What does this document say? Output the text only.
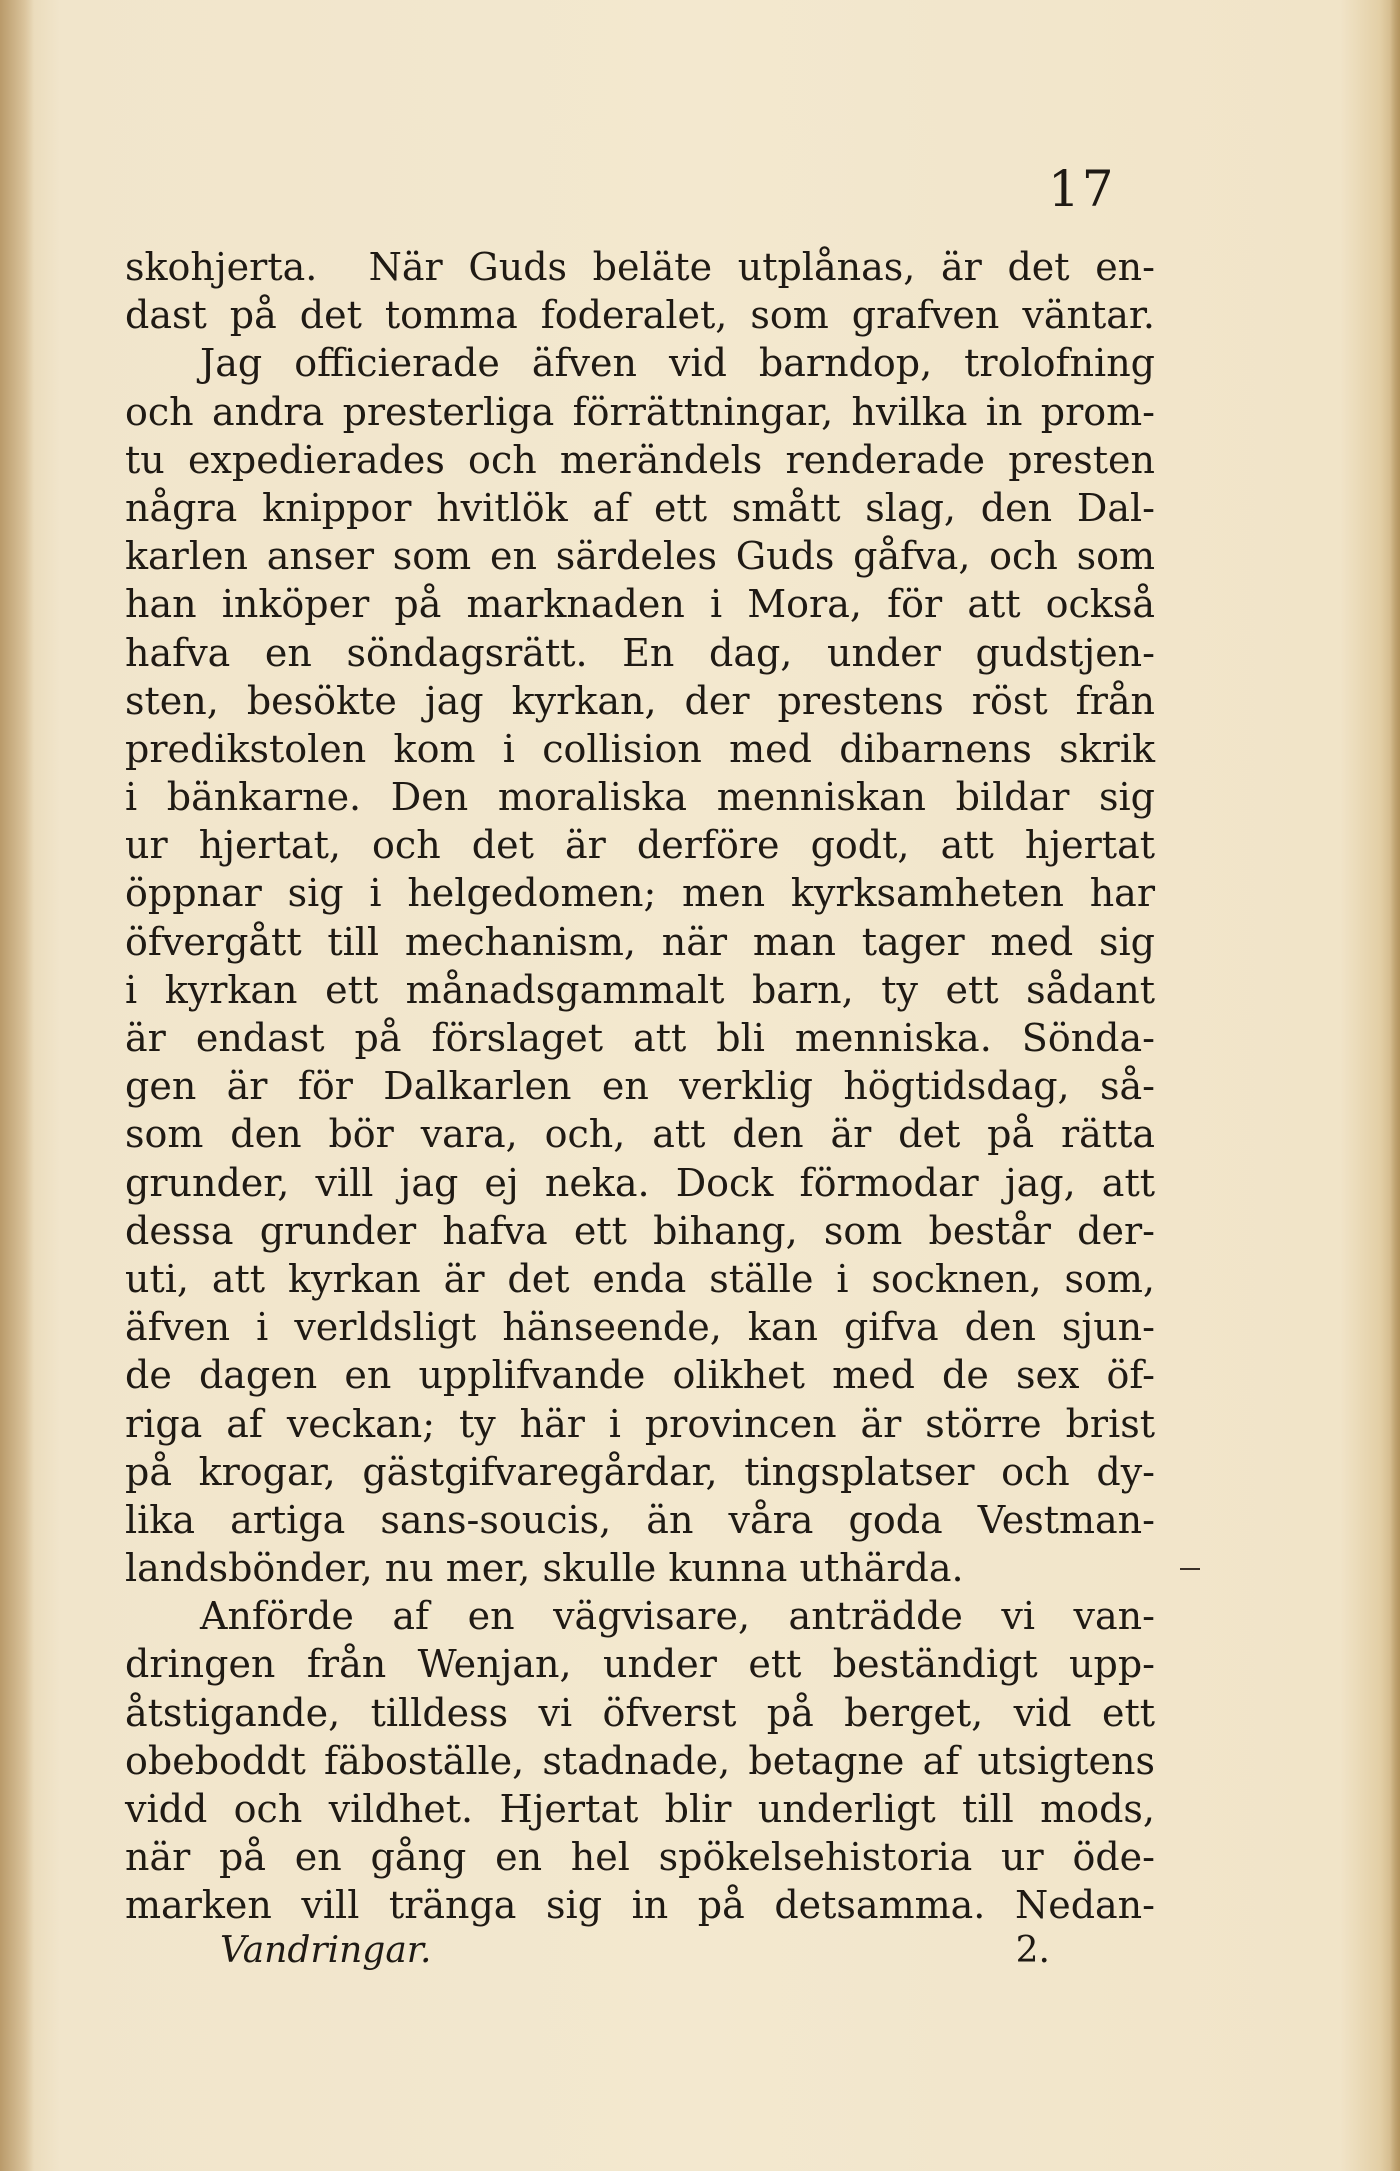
17
skohjerta.  När Guds beläte utplånas, är det en-
dast på det tomma foderalet, som grafven väntar.
Jag officierade äfven vid barndop, trolofning
och andra presterliga förrättningar, hvilka in prom-
tu expedierades och merändels renderade presten
några knippor hvitlök af ett smått slag, den Dal-
karlen anser som en särdeles Guds gåfva, och som
han inköper på marknaden i Mora, för att också
hafva en söndagsrätt. En dag, under gudstjen-
sten, besökte jag kyrkan, der prestens röst från
predikstolen kom i collision med dibarnens skrik
i bänkarne. Den moraliska menniskan bildar sig
ur hjertat, och det är derföre godt, att hjertat
öppnar sig i helgedomen; men kyrksamheten har
öfvergått till mechanism, när man tager med sig
i kyrkan ett månadsgammalt barn, ty ett sådant
är endast på förslaget att bli menniska. Sönda-
gen är för Dalkarlen en verklig högtidsdag, så-
som den bör vara, och, att den är det på rätta
grunder, vill jag ej neka. Dock förmodar jag, att
dessa grunder hafva ett bihang, som består der-
uti, att kyrkan är det enda ställe i socknen, som,
äfven i verldsligt hänseende, kan gifva den sjun-
de dagen en upplifvande olikhet med de sex öf-
riga af veckan; ty här i provincen är större brist
på krogar, gästgifvaregårdar, tingsplatser och dy-
lika artiga sans-soucis, än våra goda Vestman-
landsbönder, nu mer, skulle kunna uthärda.
Anförde af en vägvisare, anträdde vi van-
dringen från Wenjan, under ett beständigt upp-
åtstigande, tilldess vi öfverst på berget, vid ett
obeboddt fäboställe, stadnade, betagne af utsigtens
vidd och vildhet. Hjertat blir underligt till mods,
när på en gång en hel spökelsehistoria ur öde-
marken vill tränga sig in på detsamma. Nedan-
Vandringar.	2.
